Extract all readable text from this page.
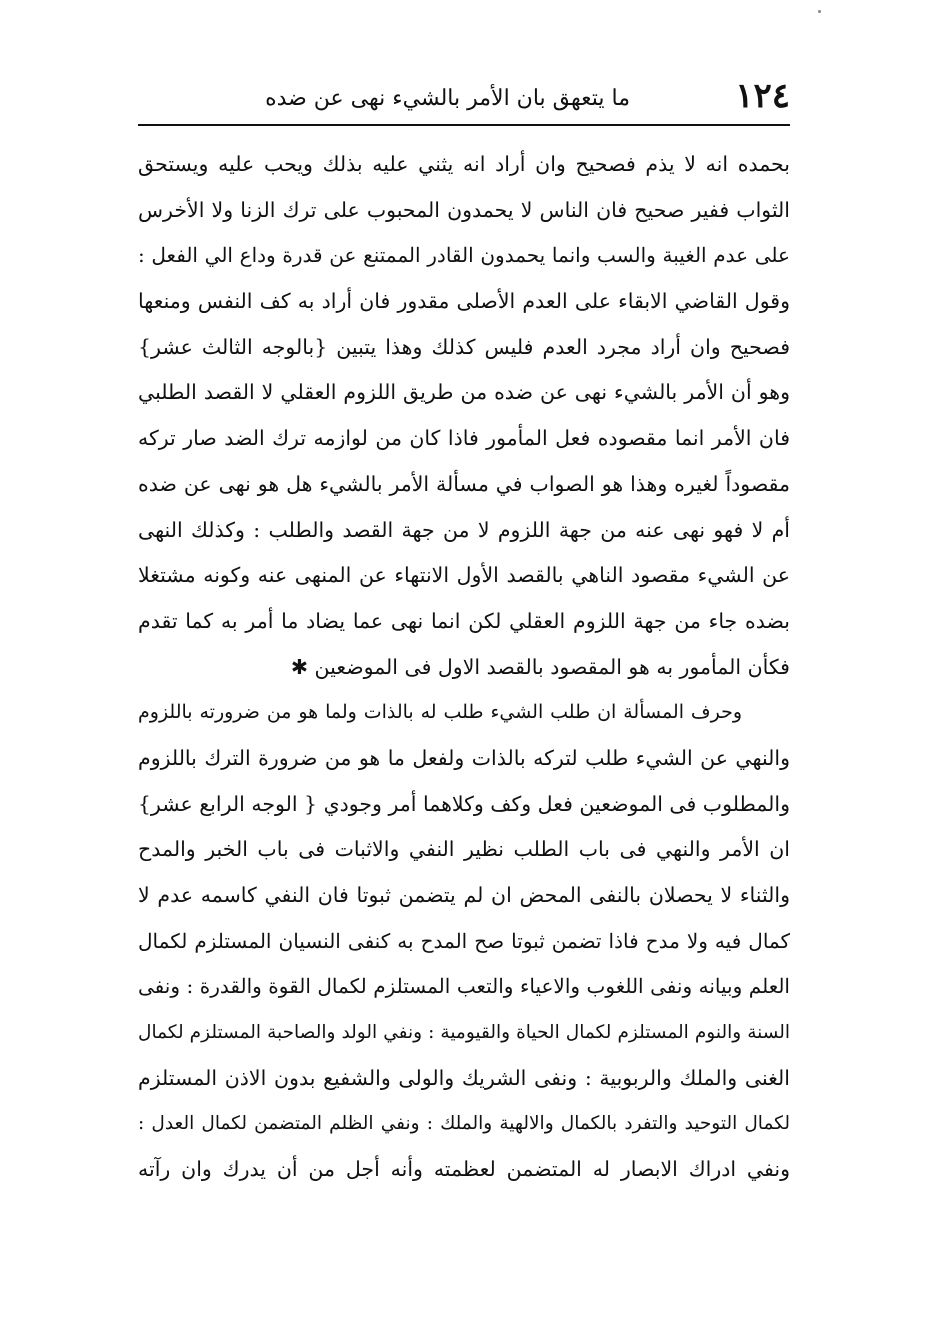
١٢٤
ما يتعهق بان الأمر بالشيء نهى عن ضده
بحمده انه لا يذم فصحيح وان أراد انه يثني عليه بذلك ويحب عليه ويستحق
الثواب ففير صحيح فان الناس لا يحمدون المحبوب على ترك الزنا ولا الأخرس
على عدم الغيبة والسب وانما يحمدون القادر الممتنع عن قدرة وداع الي الفعل :
وقول القاضي الابقاء على العدم الأصلى مقدور فان أراد به كف النفس ومنعها
فصحيح وان أراد مجرد العدم فليس كذلك وهذا يتبين {بالوجه الثالث عشر}
وهو أن الأمر بالشيء نهى عن ضده من طريق اللزوم العقلي لا القصد الطلبي
فان الأمر انما مقصوده فعل المأمور فاذا كان من لوازمه ترك الضد صار تركه
مقصوداً لغيره وهذا هو الصواب في مسألة الأمر بالشيء هل هو نهى عن ضده
أم لا فهو نهى عنه من جهة اللزوم لا من جهة القصد والطلب : وكذلك النهى
عن الشيء مقصود الناهي بالقصد الأول الانتهاء عن المنهى عنه وكونه مشتغلا
بضده جاء من جهة اللزوم العقلي لكن انما نهى عما يضاد ما أمر به كما تقدم
فكأن المأمور به هو المقصود بالقصد الاول فى الموضعين ✱
وحرف المسألة ان طلب الشيء طلب له بالذات ولما هو من ضرورته باللزوم
والنهي عن الشيء طلب لتركه بالذات ولفعل ما هو من ضرورة الترك باللزوم
والمطلوب فى الموضعين فعل وكف وكلاهما أمر وجودي { الوجه الرابع عشر}
ان الأمر والنهي فى باب الطلب نظير النفي والاثبات فى باب الخبر والمدح
والثناء لا يحصلان بالنفى المحض ان لم يتضمن ثبوتا فان النفي كاسمه عدم لا
كمال فيه ولا مدح فاذا تضمن ثبوتا صح المدح به كنفى النسيان المستلزم لكمال
العلم وبيانه ونفى اللغوب والاعياء والتعب المستلزم لكمال القوة والقدرة : ونفى
السنة والنوم المستلزم لكمال الحياة والقيومية : ونفي الولد والصاحبة المستلزم لكمال
الغنى والملك والربوبية : ونفى الشريك والولى والشفيع بدون الاذن المستلزم
لكمال التوحيد والتفرد بالكمال والالهية والملك : ونفي الظلم المتضمن لكمال العدل :
ونفي ادراك الابصار له المتضمن لعظمته وأنه أجل من أن يدرك وان رآته
